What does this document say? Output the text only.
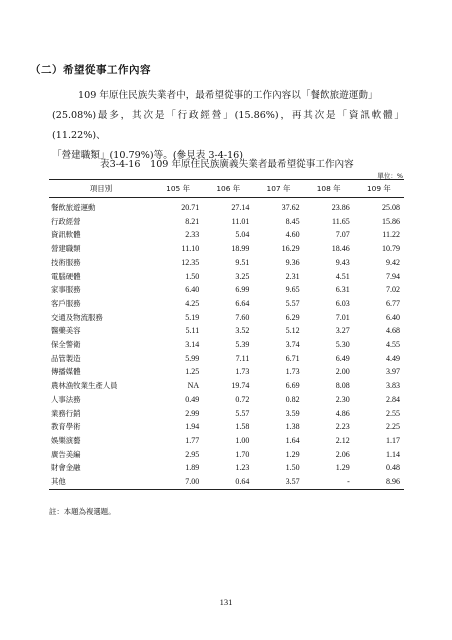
（二）希望從事工作內容

109 年原住民族失業者中，最希望從事的工作內容以「餐飲旅遊運動」

(25.08%)最多，其次是「行政經營」(15.86%)，再其次是「資訊軟體」(11.22%)、

「營建職類」(10.79%)等。(參見表 3-4-16)

表3-4-16　109 年原住民族廣義失業者最希望從事工作內容
單位：%
項目別	105 年	106 年	107 年	108 年	109 年
餐飲旅遊運動	20.71	27.14	37.62	23.86	25.08
行政經營	8.21	11.01	8.45	11.65	15.86
資訊軟體	2.33	5.04	4.60	7.07	11.22
營建職類	11.10	18.99	16.29	18.46	10.79
技術服務	12.35	9.51	9.36	9.43	9.42
電腦硬體	1.50	3.25	2.31	4.51	7.94
家事服務	6.40	6.99	9.65	6.31	7.02
客戶服務	4.25	6.64	5.57	6.03	6.77
交通及物流服務	5.19	7.60	6.29	7.01	6.40
醫藥美容	5.11	3.52	5.12	3.27	4.68
保全警衛	3.14	5.39	3.74	5.30	4.55
品管製造	5.99	7.11	6.71	6.49	4.49
傳播媒體	1.25	1.73	1.73	2.00	3.97
農林漁牧業生產人員	NA	19.74	6.69	8.08	3.83
人事法務	0.49	0.72	0.82	2.30	2.84
業務行銷	2.99	5.57	3.59	4.86	2.55
教育學術	1.94	1.58	1.38	2.23	2.25
娛樂演藝	1.77	1.00	1.64	2.12	1.17
廣告美編	2.95	1.70	1.29	2.06	1.14
財會金融	1.89	1.23	1.50	1.29	0.48
其他	7.00	0.64	3.57	-	8.96
註：本題為複選題。
131
